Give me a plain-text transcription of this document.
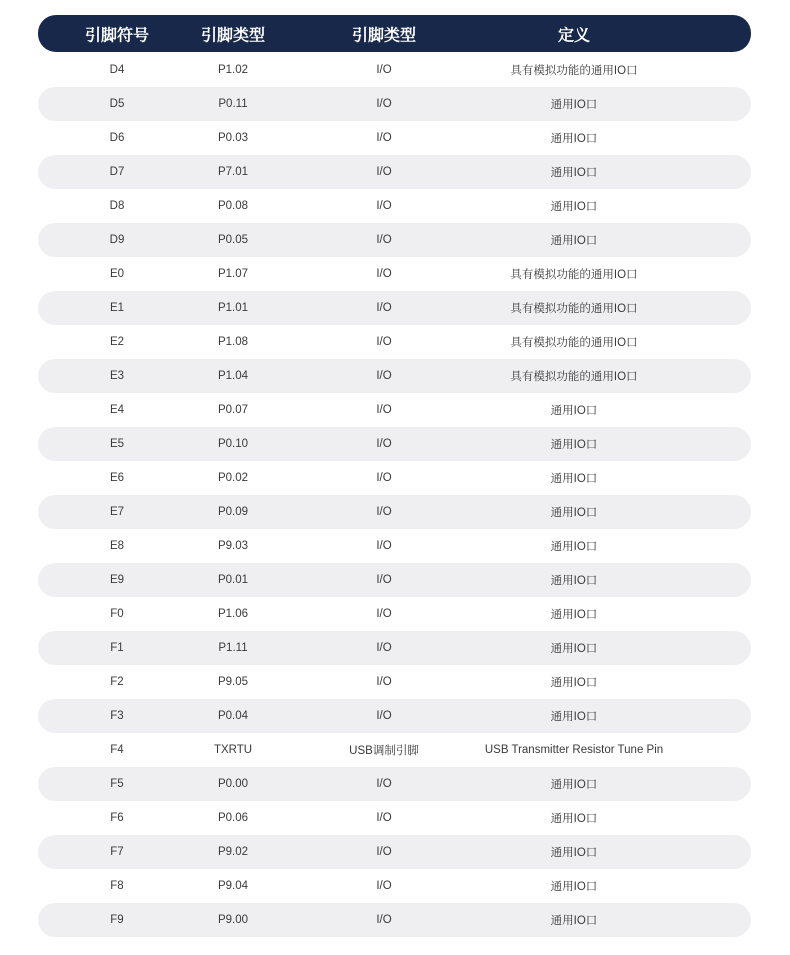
引脚符号	引脚类型	引脚类型	定义
D4	P1.02	I/O	具有模拟功能的通用IO口
D5	P0.11	I/O	通用IO口
D6	P0.03	I/O	通用IO口
D7	P7.01	I/O	通用IO口
D8	P0.08	I/O	通用IO口
D9	P0.05	I/O	通用IO口
E0	P1.07	I/O	具有模拟功能的通用IO口
E1	P1.01	I/O	具有模拟功能的通用IO口
E2	P1.08	I/O	具有模拟功能的通用IO口
E3	P1.04	I/O	具有模拟功能的通用IO口
E4	P0.07	I/O	通用IO口
E5	P0.10	I/O	通用IO口
E6	P0.02	I/O	通用IO口
E7	P0.09	I/O	通用IO口
E8	P9.03	I/O	通用IO口
E9	P0.01	I/O	通用IO口
F0	P1.06	I/O	通用IO口
F1	P1.11	I/O	通用IO口
F2	P9.05	I/O	通用IO口
F3	P0.04	I/O	通用IO口
F4	TXRTU	USB调制引脚	USB Transmitter Resistor Tune Pin
F5	P0.00	I/O	通用IO口
F6	P0.06	I/O	通用IO口
F7	P9.02	I/O	通用IO口
F8	P9.04	I/O	通用IO口
F9	P9.00	I/O	通用IO口
